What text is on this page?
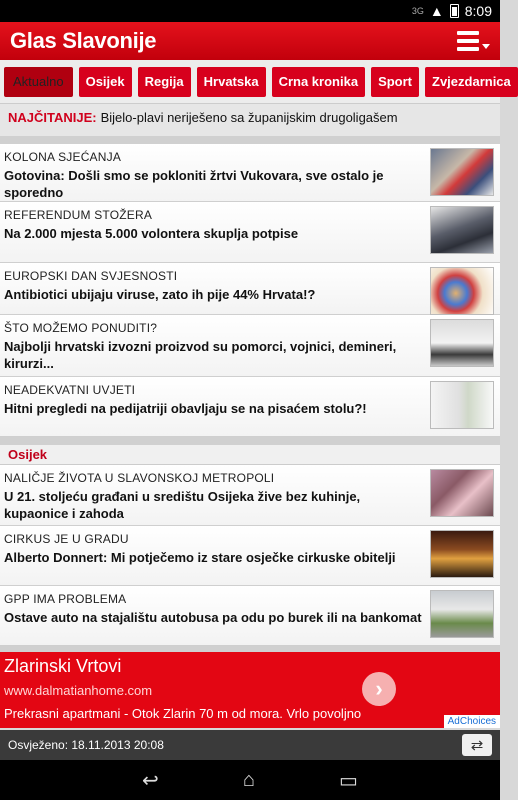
3G ▲ 8:09
Glas Slavonije
Aktualno	Osijek	Regija	Hrvatska	Crna kronika	Sport	Zvjezdarnica
NAJČITANIJE: Bijelo-plavi neriješeno sa županijskim drugoligašem
KOLONA SJEĆANJA
Gotovina: Došli smo se pokloniti žrtvi Vukovara, sve ostalo je sporedno
REFERENDUM STOŽERA
Na 2.000 mjesta 5.000 volontera skuplja potpise
EUROPSKI DAN SVJESNOSTI
Antibiotici ubijaju viruse, zato ih pije 44% Hrvata!?
ŠTO MOŽEMO PONUDITI?
Najbolji hrvatski izvozni proizvod su pomorci, vojnici, demineri, kirurzi...
NEADEKVATNI UVJETI
Hitni pregledi na pedijatriji obavljaju se na pisaćem stolu?!
Osijek
NALIČJE ŽIVOTA U SLAVONSKOJ METROPOLI
U 21. stoljeću građani u središtu Osijeka žive bez kuhinje, kupaonice i zahoda
CIRKUS JE U GRADU
Alberto Donnert: Mi potječemo iz stare osječke cirkuske obitelji
GPP IMA PROBLEMA
Ostave auto na stajalištu autobusa pa odu po burek ili na bankomat
Zlarinski Vrtovi
www.dalmatianhome.com
Prekrasni apartmani - Otok Zlarin 70 m od mora. Vrlo povoljno
›
AdChoices
Osvježeno: 18.11.2013 20:08	⇄
↩	⌂	▭
